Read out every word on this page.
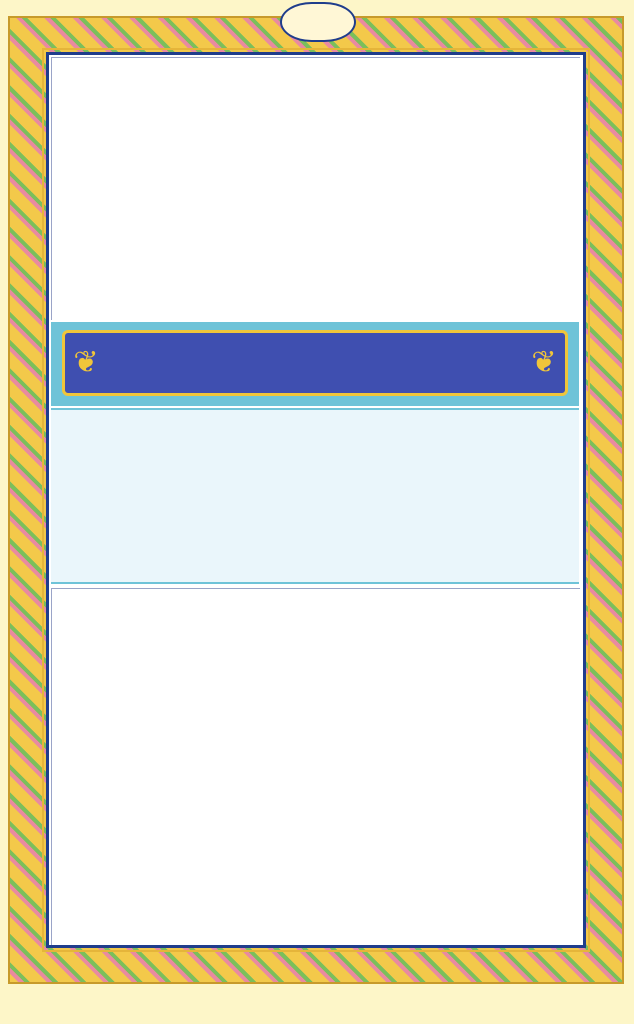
❦	❦
